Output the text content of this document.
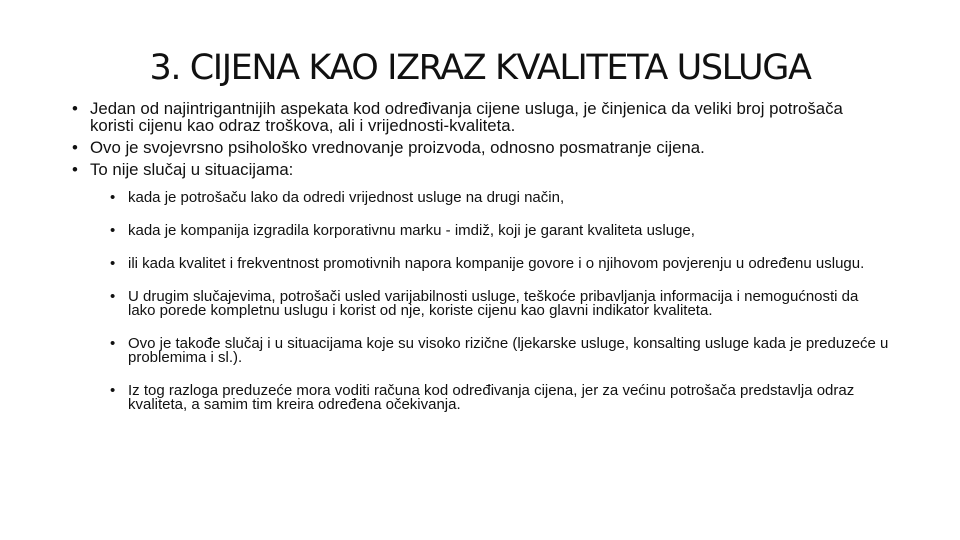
3. CIJENA KAO IZRAZ KVALITETA USLUGA
• Jedan od najintrigantnijih aspekata kod određivanja cijene usluga, je činjenica da veliki broj potrošača koristi cijenu kao odraz troškova, ali i vrijednosti-kvaliteta.
• Ovo je svojevrsno psihološko vrednovanje proizvoda, odnosno posmatranje cijena.
• To nije slučaj u situacijama:
• kada je potrošaču lako da odredi vrijednost usluge na drugi način,
• kada je kompanija izgradila korporativnu marku - imdiž, koji je garant kvaliteta usluge,
• ili kada kvalitet i frekventnost promotivnih napora kompanije govore i o njihovom povjerenju u određenu uslugu.
• U drugim slučajevima, potrošači usled varijabilnosti usluge, teškoće pribavljanja informacija i nemogućnosti da lako porede kompletnu uslugu i korist od nje, koriste cijenu kao glavni indikator kvaliteta.
• Ovo je takođe slučaj i u situacijama koje su visoko rizične (ljekarske usluge, konsalting usluge kada je preduzeće u problemima i sl.).
• Iz tog razloga preduzeće mora voditi računa kod određivanja cijena, jer za većinu potrošača predstavlja odraz kvaliteta, a samim tim kreira određena očekivanja.
